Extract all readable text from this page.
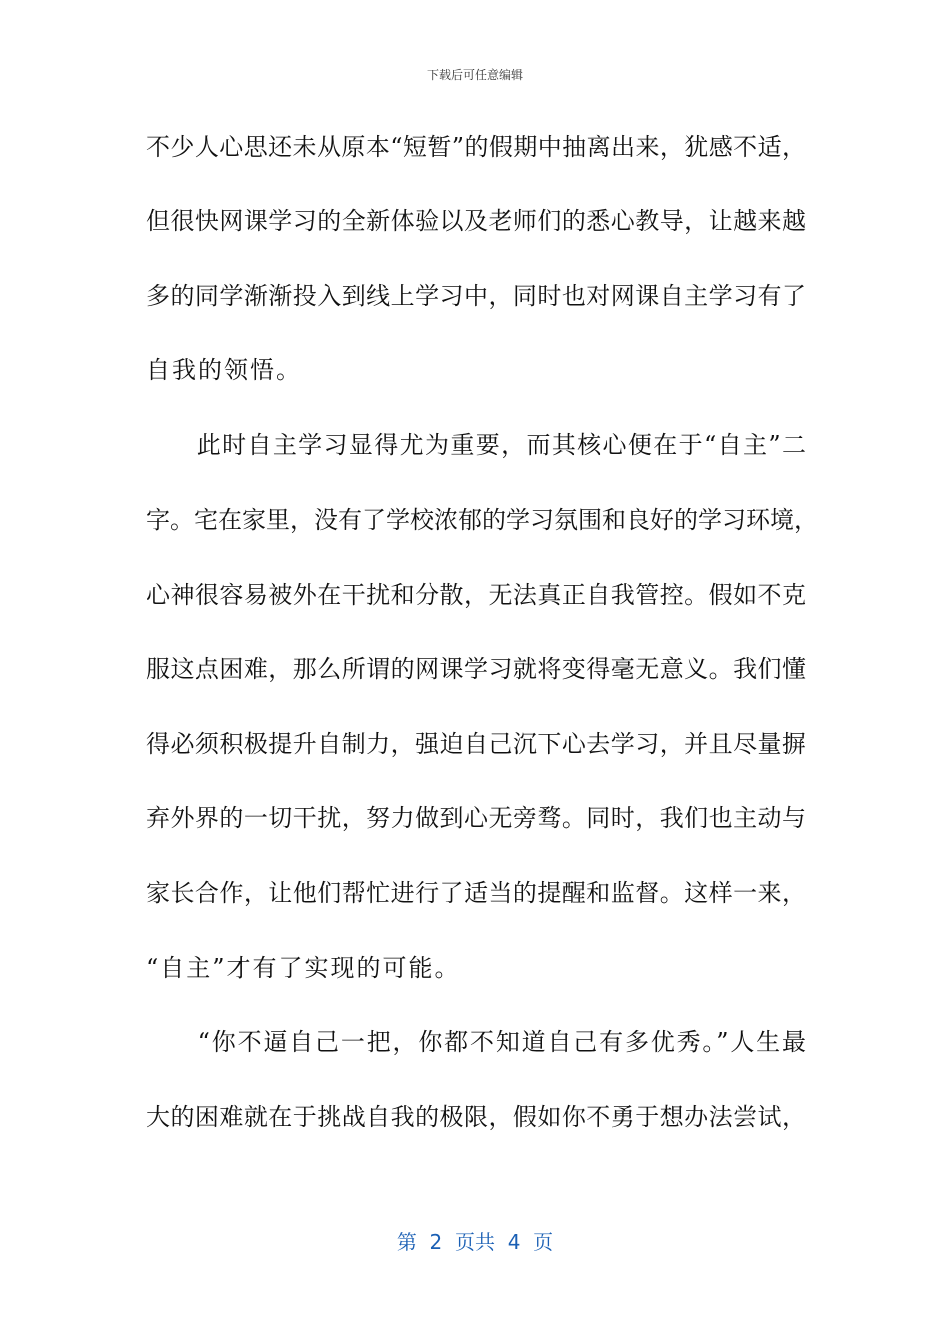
下载后可任意编辑
不少人心思还未从原本“短暂”的假期中抽离出来，犹感不适，
但很快网课学习的全新体验以及老师们的悉心教导，让越来越
多的同学渐渐投入到线上学习中，同时也对网课自主学习有了
自我的领悟。
　　此时自主学习显得尤为重要，而其核心便在于“自主”二
字。宅在家里，没有了学校浓郁的学习氛围和良好的学习环境，
心神很容易被外在干扰和分散，无法真正自我管控。假如不克
服这点困难，那么所谓的网课学习就将变得毫无意义。我们懂
得必须积极提升自制力，强迫自己沉下心去学习，并且尽量摒
弃外界的一切干扰，努力做到心无旁骛。同时，我们也主动与
家长合作，让他们帮忙进行了适当的提醒和监督。这样一来，
“自主”才有了实现的可能。
　　“你不逼自己一把，你都不知道自己有多优秀。”人生最
大的困难就在于挑战自我的极限，假如你不勇于想办法尝试，
第  2  页共  4  页
